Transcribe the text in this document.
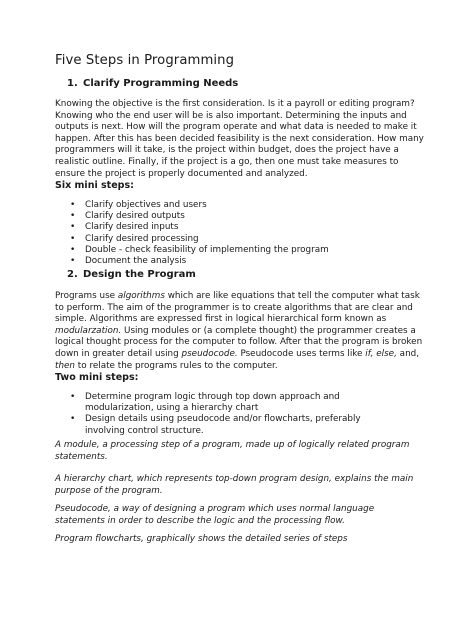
Five Steps in Programming
1. Clarify Programming Needs
Knowing the objective is the first consideration. Is it a payroll or editing program? Knowing who the end user will be is also important. Determining the inputs and outputs is next. How will the program operate and what data is needed to make it happen. After this has been decided feasibility is the next consideration. How many programmers will it take, is the project within budget, does the project have a realistic outline. Finally, if the project is a go, then one must take measures to ensure the project is properly documented and analyzed.
Six mini steps:
• Clarify objectives and users
• Clarify desired outputs
• Clarify desired inputs
• Clarify desired processing
• Double - check feasibility of implementing the program
• Document the analysis
2. Design the Program
Programs use algorithms which are like equations that tell the computer what task to perform. The aim of the programmer is to create algorithms that are clear and simple. Algorithms are expressed first in logical hierarchical form known as modularzation. Using modules or (a complete thought) the programmer creates a logical thought process for the computer to follow. After that the program is broken down in greater detail using pseudocode. Pseudocode uses terms like if, else, and, then to relate the programs rules to the computer.
Two mini steps:
• Determine program logic through top down approach and modularization, using a hierarchy chart
• Design details using pseudocode and/or flowcharts, preferably involving control structure.
A module, a processing step of a program, made up of logically related program statements.
A hierarchy chart, which represents top-down program design, explains the main purpose of the program.
Pseudocode, a way of designing a program which uses normal language statements in order to describe the logic and the processing flow.
Program flowcharts, graphically shows the detailed series of steps
